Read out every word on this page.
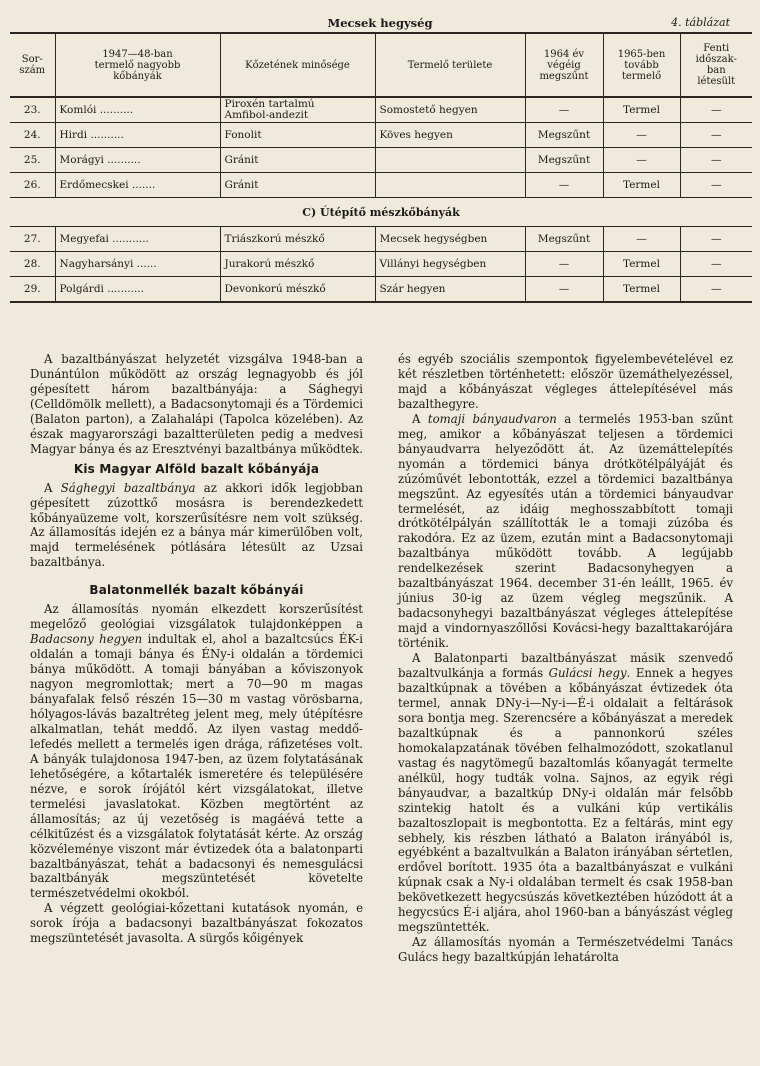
Mecsek hegység	4. táblázat
Sor-
szám	1947—48-ban
termelő nagyobb
kőbányák	Kőzetének minősége	Termelő területe	1964 év
végéig
megszűnt	1965-ben
tovább
termelő	Fenti
időszak-
ban
létesült
23.	Komlói ..........	Piroxén tartalmú
Amfibol-andezit	Somostető hegyen	—	Termel	—
24.	Hirdi ..........	Fonolit	Köves hegyen	Megszűnt	—	—
25.	Morágyi ..........	Gránit		Megszűnt	—	—
26.	Erdőmecskei .......	Gránit		—	Termel	—
C) Útépítő mészkőbányák						
27.	Megyefai ...........	Triászkorú mészkő	Mecsek hegységben	Megszűnt	—	—
28.	Nagyharsányi ......	Jurakorú mészkő	Villányi hegységben	—	Termel	—
29.	Polgárdi ...........	Devonkorú mészkő	Szár hegyen	—	Termel	—

A bazaltbányászat helyzetét vizsgálva 1948-ban a Dunántúlon működött az ország legnagyobb és jól gépesített három bazaltbányája: a Sághegyi (Celldömölk mellett), a Badacsonytomaji és a Tördemici (Balaton parton), a Zalahalápi (Tapolca közelében). Az észak magyarországi bazaltterületen pedig a medvesi Magyar bánya és az Eresztvényi bazaltbánya működtek.

Kis Magyar Alföld bazalt kőbányája

A Sághegyi bazaltbánya az akkori idők legjobban gépesített zúzottkő mosásra is berendezkedett kőbányaüzeme volt, korszerűsítésre nem volt szükség. Az államosítás idején ez a bánya már kimerülőben volt, majd termelésének pótlására létesült az Uzsai bazaltbánya.

Balatonmellék bazalt kőbányái

Az államosítás nyomán elkezdett korszerűsítést megelőző geológiai vizsgálatok tulajdonképpen a Badacsony hegyen indultak el, ahol a bazaltcsúcs ÉK-i oldalán a tomaji bánya és ÉNy-i oldalán a tördemici bánya működött. A tomaji bányában a kőviszonyok nagyon megromlottak; mert a 70—90 m magas bányafalak felső részén 15—30 m vastag vörösbarna, hólyagos-lávás bazaltréteg jelent meg, mely útépítésre alkalmatlan, tehát meddő. Az ilyen vastag meddő-lefedés mellett a termelés igen drága, ráfizetéses volt. A bányák tulajdonosa 1947-ben, az üzem folytatásának lehetőségére, a kőtartalék ismeretére és településére nézve, e sorok írójától kért vizsgálatokat, illetve termelési javaslatokat. Közben megtörtént az államosítás; az új vezetőség is magáévá tette a célkitűzést és a vizsgálatok folytatását kérte. Az ország közvéleménye viszont már évtizedek óta a balatonparti bazaltbányászat, tehát a badacsonyi és nemesgulácsi bazaltbányák megszüntetését követelte természetvédelmi okokból.

A végzett geológiai-kőzettani kutatások nyomán, e sorok írója a badacsonyi bazaltbányászat fokozatos megszüntetését javasolta. A sürgős kőigények

és egyéb szociális szempontok figyelembevételével ez két részletben történhetett: először üzemáthelyezéssel, majd a kőbányászat végleges áttelepítésével más bazalthegyre.

A tomaji bányaudvaron a termelés 1953-ban szűnt meg, amikor a kőbányászat teljesen a tördemici bányaudvarra helyeződött át. Az üzemáttelepítés nyomán a tördemici bánya drótkötélpályáját és zúzóművét lebontották, ezzel a tördemici bazaltbánya megszűnt. Az egyesítés után a tördemici bányaudvar termelését, az idáig meghosszabbított tomaji drótkötélpályán szállították le a tomaji zúzóba és rakodóra. Ez az üzem, ezután mint a Badacsonytomaji bazaltbánya működött tovább. A legújabb rendelkezések szerint Badacsonyhegyen a bazaltbányászat 1964. december 31-én leállt, 1965. év június 30-ig az üzem végleg megszűnik. A badacsonyhegyi bazaltbányászat végleges áttelepítése majd a vindornyaszőllősi Kovácsi-hegy bazalttakarójára történik.

A Balatonparti bazaltbányászat másik szenvedő bazaltvulkánja a formás Gulácsi hegy. Ennek a hegyes bazaltkúpnak a tövében a kőbányászat évtizedek óta termel, annak DNy-i—Ny-i—É-i oldalait a feltárások sora bontja meg. Szerencsére a kőbányászat a meredek bazaltkúpnak és a pannonkorú széles homokalapzatának tövében felhalmozódott, szokatlanul vastag és nagytömegű bazaltomlás kőanyagát termelte anélkül, hogy tudták volna. Sajnos, az egyik régi bányaudvar, a bazaltkúp DNy-i oldalán már felsőbb szintekig hatolt és a vulkáni kúp vertikális bazaltoszlopait is megbontotta. Ez a feltárás, mint egy sebhely, kis részben látható a Balaton irányából is, egyébként a bazaltvulkán a Balaton irányában sértetlen, erdővel borított. 1935 óta a bazaltbányászat e vulkáni kúpnak csak a Ny-i oldalában termelt és csak 1958-ban bekövetkezett hegycsúszás következtében húzódott át a hegycsúcs É-i aljára, ahol 1960-ban a bányászást végleg megszüntették.

Az államosítás nyomán a Természetvédelmi Tanács Gulács hegy bazaltkúpján lehatárolta
